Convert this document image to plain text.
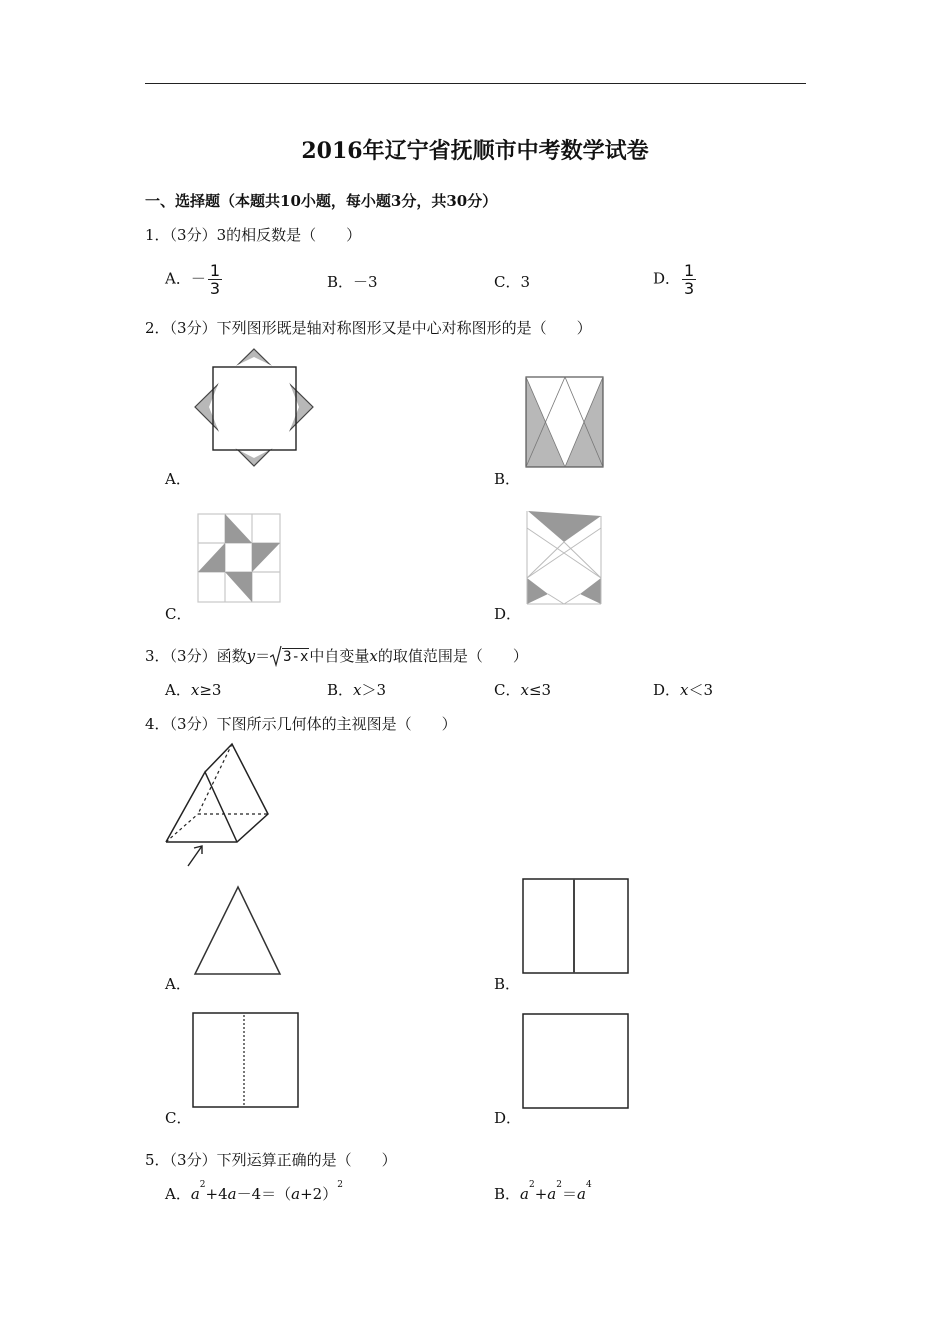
2016年辽宁省抚顺市中考数学试卷
一、选择题（本题共10小题，每小题3分，共30分）
1．（3分）3的相反数是（　　）
A．－ $\frac{1}{3}$	B．－3	C．3	D． $\frac{1}{3}$
2．（3分）下列图形既是轴对称图形又是中心对称图形的是（　　）
A．	B．
C．	D．
3．（3分）函数y＝ 3-x中自变量x的取值范围是（　　）
A．x≥3	B．x＞3	C．x≤3	D．x＜3
4．（3分）下图所示几何体的主视图是（　　）
A．	B．
C．	D．
5．（3分）下列运算正确的是（　　）
A．$a^2+4a-4=(a+2)^2$	B．$a^2+a^2=a^4$
